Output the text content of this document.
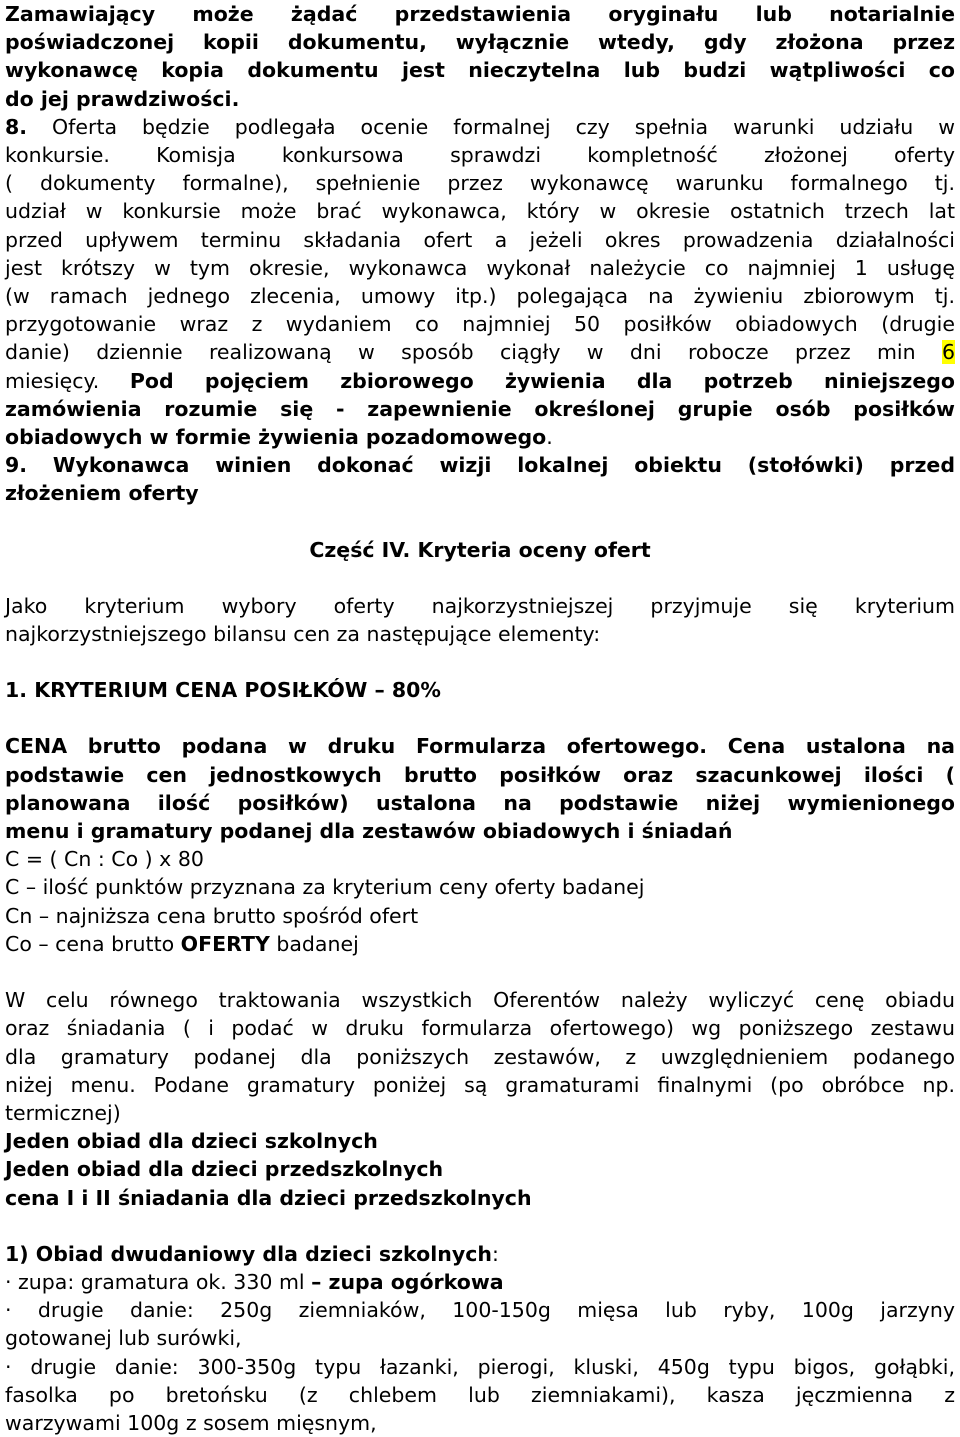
Zamawiający może żądać przedstawienia oryginału lub notarialnie

poświadczonej kopii dokumentu, wyłącznie wtedy, gdy złożona przez

wykonawcę kopia dokumentu jest nieczytelna lub budzi wątpliwości co

do jej prawdziwości.

8. Oferta będzie podlegała ocenie formalnej czy spełnia warunki udziału w

konkursie. Komisja konkursowa sprawdzi kompletność złożonej oferty

( dokumenty formalne), spełnienie przez wykonawcę warunku formalnego tj.

udział w konkursie może brać wykonawca, który w okresie ostatnich trzech lat

przed upływem terminu składania ofert a jeżeli okres prowadzenia działalności

jest krótszy w tym okresie, wykonawca wykonał należycie co najmniej 1 usługę

(w ramach jednego zlecenia, umowy itp.) polegająca na żywieniu zbiorowym tj.

przygotowanie wraz z wydaniem co najmniej 50 posiłków obiadowych (drugie

danie) dziennie realizowaną w sposób ciągły w dni robocze przez min 6

miesięcy. Pod pojęciem zbiorowego żywienia dla potrzeb niniejszego

zamówienia rozumie się - zapewnienie określonej grupie osób posiłków

obiadowych w formie żywienia pozadomowego.

9. Wykonawca winien dokonać wizji lokalnej obiektu (stołówki) przed

złożeniem oferty

Część IV. Kryteria oceny ofert

Jako kryterium wybory oferty najkorzystniejszej przyjmuje się kryterium

najkorzystniejszego bilansu cen za następujące elementy:

1. KRYTERIUM CENA POSIŁKÓW – 80%

CENA brutto podana w druku Formularza ofertowego. Cena ustalona na

podstawie cen jednostkowych brutto posiłków oraz szacunkowej ilości (

planowana ilość posiłków) ustalona na podstawie niżej wymienionego

menu i gramatury podanej dla zestawów obiadowych i śniadań

C = ( Cn : Co ) x 80

C – ilość punktów przyznana za kryterium ceny oferty badanej

Cn – najniższa cena brutto spośród ofert

Co – cena brutto OFERTY badanej

W celu równego traktowania wszystkich Oferentów należy wyliczyć cenę obiadu

oraz śniadania ( i podać w druku formularza ofertowego) wg poniższego zestawu

dla gramatury podanej dla poniższych zestawów, z uwzględnieniem podanego

niżej menu. Podane gramatury poniżej są gramaturami finalnymi (po obróbce np.

termicznej)

Jeden obiad dla dzieci szkolnych

Jeden obiad dla dzieci przedszkolnych

cena I i II śniadania dla dzieci przedszkolnych

1) Obiad dwudaniowy dla dzieci szkolnych:

· zupa: gramatura ok. 330 ml – zupa ogórkowa

· drugie danie: 250g ziemniaków, 100-150g mięsa lub ryby, 100g jarzyny

gotowanej lub surówki,

· drugie danie: 300-350g typu łazanki, pierogi, kluski, 450g typu bigos, gołąbki,

fasolka po bretońsku (z chlebem lub ziemniakami), kasza jęczmienna z

warzywami 100g z sosem mięsnym,
